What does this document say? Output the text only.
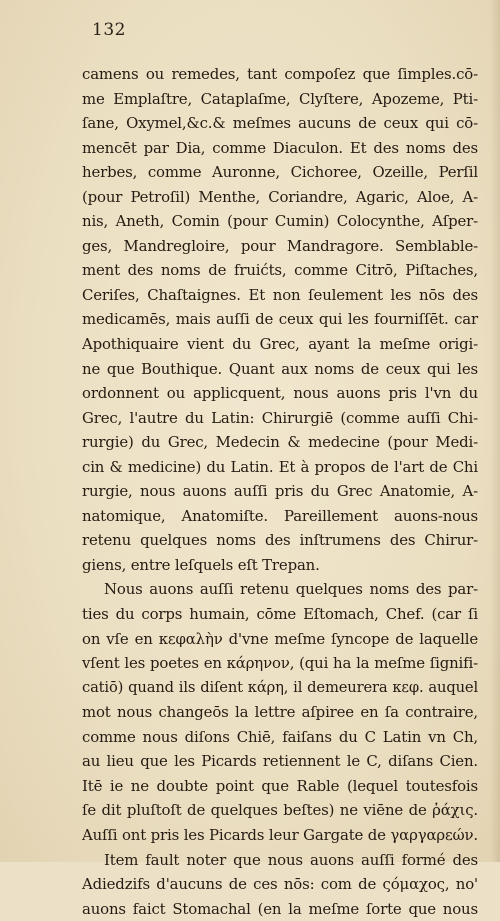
132
camens ou remedes, tant compoſez que ſimples.cō-
me Emplaſtre, Cataplaſme, Clyſtere, Apozeme, Pti-
ſane, Oxymel,&c.& meſmes aucuns de ceux qui cō-
mencēt par Dia, comme Diaculon. Et des noms des
herbes, comme Auronne, Cichoree, Ozeille, Perſil
(pour Petroſil) Menthe, Coriandre, Agaric, Aloe, A-
nis, Aneth, Comin (pour Cumin) Colocynthe, Aſper-
ges, Mandregloire, pour Mandragore. Semblable-
ment des noms de fruićts, comme Citrō, Piſtaches,
Ceriſes, Chaſtaignes. Et non ſeulement les nōs des
medicamēs, mais auſſi de ceux qui les fourniſſēt. car
Apothiquaire vient du Grec, ayant la meſme origi-
ne que Bouthique. Quant aux noms de ceux qui les
ordonnent ou applicquent, nous auons pris l'vn du
Grec, l'autre du Latin: Chirurgiē (comme auſſi Chi-
rurgie) du Grec, Medecin & medecine (pour Medi-
cin & medicine) du Latin. Et à propos de l'art de Chi
rurgie, nous auons auſſi pris du Grec Anatomie, A-
natomique, Anatomiſte. Pareillement auons-nous
retenu quelques noms des inſtrumens des Chirur-
giens, entre leſquels eſt Trepan.
Nous auons auſſi retenu quelques noms des par-
ties du corps humain, cōme Eſtomach, Chef. (car ſi
on vſe en κεφαλὴν d'vne meſme ſyncope de laquelle
vſent les poetes en κάρηνον, (qui ha la meſme ſignifi-
catiō) quand ils diſent κάρη, il demeurera κεφ. auquel
mot nous changeōs la lettre aſpiree en ſa contraire,
comme nous diſons Chiē, faiſans du C Latin vn Ch,
au lieu que les Picards retiennent le C, diſans Cien.
Itē ie ne doubte point que Rable (lequel toutesfois
ſe dit pluſtoſt de quelques beſtes) ne viēne de ῥάχις.
Auſſi ont pris les Picards leur Gargate de γαργαρεών.
Item fault noter que nous auons auſſi formé des
Adieǳifs d'aucuns de ces nōs: com de ςόμαχος, no'
auons faict Stomachal (en la meſme ſorte que nous
